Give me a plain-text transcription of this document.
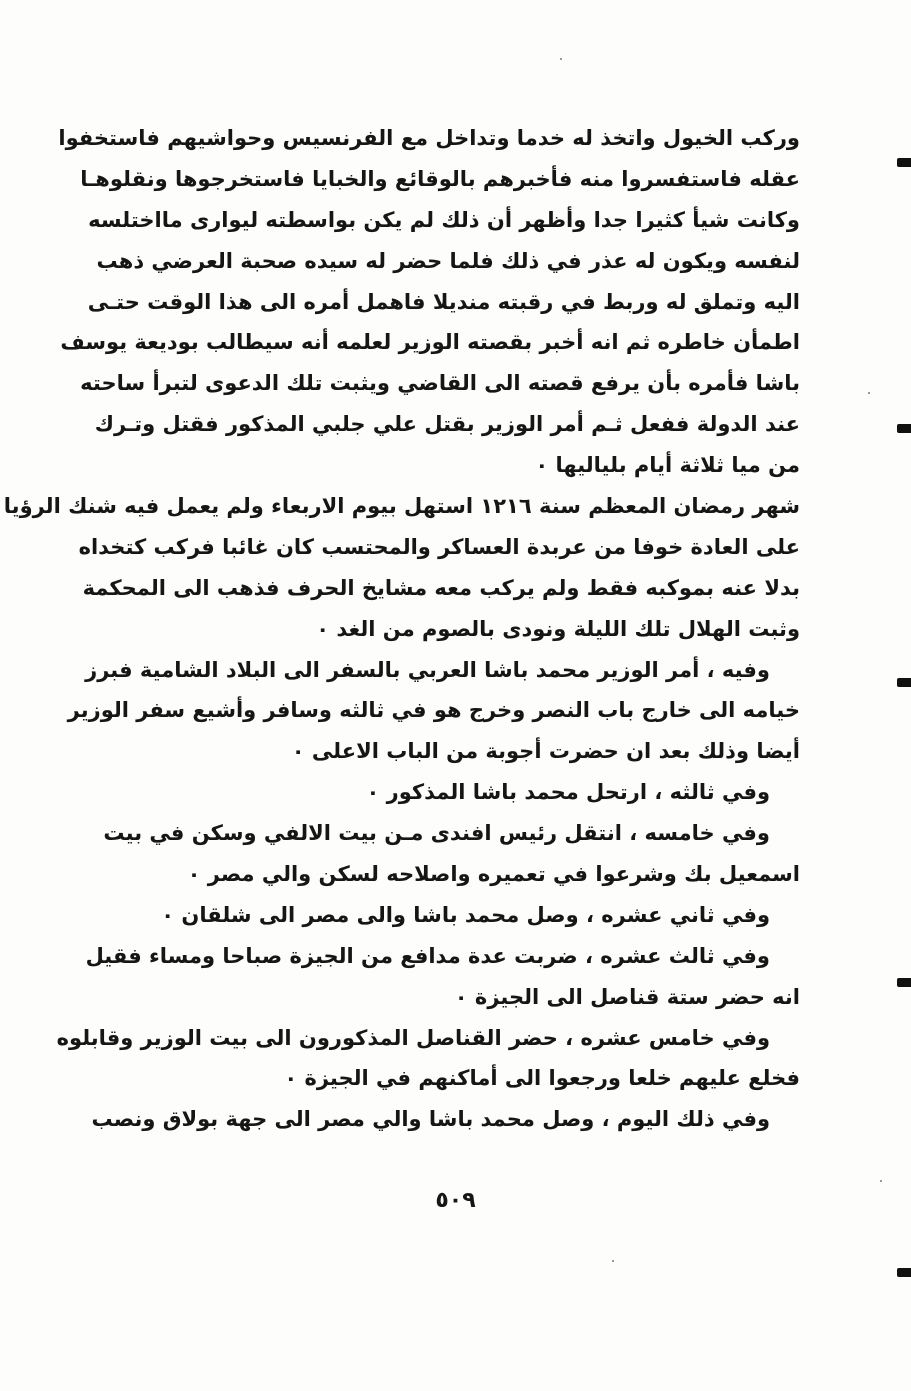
وركب الخيول واتخذ له خدما وتداخل مع الفرنسيس وحواشيهم فاستخفوا
عقله فاستفسروا منه فأخبرهم بالوقائع والخبايا فاستخرجوها ونقلوهـا
وكانت شيأ كثيرا جدا وأظهر أن ذلك لم يكن بواسطته ليوارى مااختلسه
لنفسه ويكون له عذر في ذلك فلما حضر له سيده صحبة العرضي ذهب
اليه وتملق له وربط في رقبته منديلا فاهمل أمره الى هذا الوقت حتـى
اطمأن خاطره ثم انه أخبر بقصته الوزير لعلمه أنه سيطالب بوديعة يوسف
باشا فأمره بأن يرفع قصته الى القاضي ويثبت تلك الدعوى لتبرأ ساحته
عند الدولة ففعل ثـم أمر الوزير بقتل علي جلبي المذكور فقتل وتـرك
من ميا ثلاثة أيام بلياليها ٠
شهر رمضان المعظم سنة ١٢١٦ استهل بيوم الاربعاء ولم يعمل فيه شنك الرؤيا
على العادة خوفا من عربدة العساكر والمحتسب كان غائبا فركب كتخداه
بدلا عنه بموكبه فقط ولم يركب معه مشايخ الحرف فذهب الى المحكمة
وثبت الهلال تلك الليلة ونودى بالصوم من الغد ٠
وفيه ، أمر الوزير محمد باشا العربي بالسفر الى البلاد الشامية فبرز
خيامه الى خارج باب النصر وخرج هو في ثالثه وسافر وأشيع سفر الوزير
أيضا وذلك بعد ان حضرت أجوبة من الباب الاعلى ٠
وفي ثالثه ، ارتحل محمد باشا المذكور ٠
وفي خامسه ، انتقل رئيس افندى مـن بيت الالفي وسكن في بيت
اسمعيل بك وشرعوا في تعميره واصلاحه لسكن والي مصر ٠
وفي ثاني عشره ، وصل محمد باشا والى مصر الى شلقان ٠
وفي ثالث عشره ، ضربت عدة مدافع من الجيزة صباحا ومساء فقيل
انه حضر ستة قناصل الى الجيزة ٠
وفي خامس عشره ، حضر القناصل المذكورون الى بيت الوزير وقابلوه
فخلع عليهم خلعا ورجعوا الى أماكنهم في الجيزة ٠
وفي ذلك اليوم ، وصل محمد باشا والي مصر الى جهة بولاق ونصب
٥٠٩
